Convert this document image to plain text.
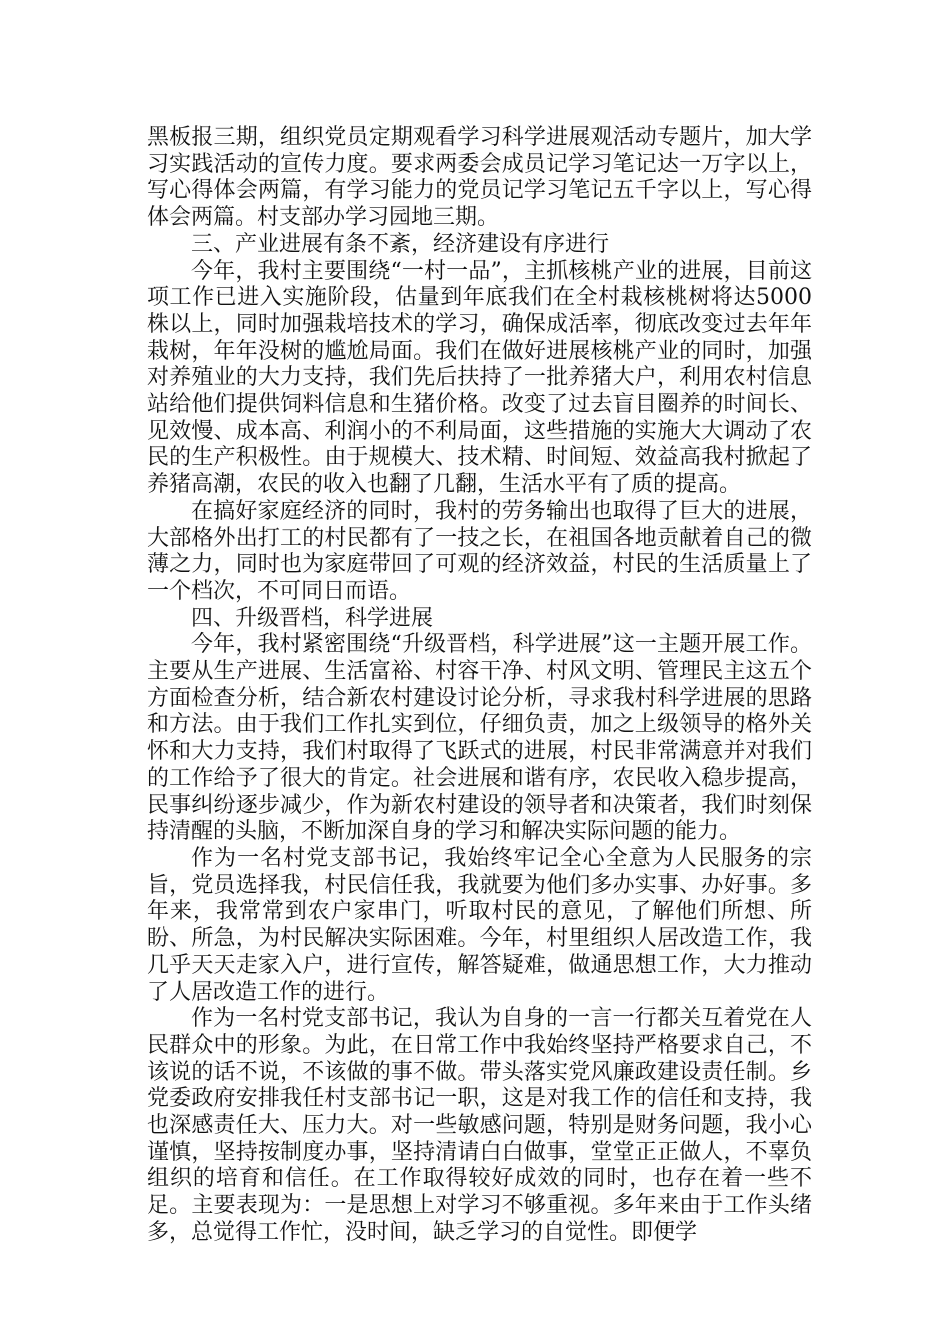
黑板报三期，组织党员定期观看学习科学进展观活动专题片，加大学习实践活动的宣传力度。要求两委会成员记学习笔记达一万字以上，写心得体会两篇，有学习能力的党员记学习笔记五千字以上，写心得体会两篇。村支部办学习园地三期。

三、产业进展有条不紊，经济建设有序进行

今年，我村主要围绕“一村一品”，主抓核桃产业的进展，目前这项工作已进入实施阶段，估量到年底我们在全村栽核桃树将达5000株以上，同时加强栽培技术的学习，确保成活率，彻底改变过去年年栽树，年年没树的尴尬局面。我们在做好进展核桃产业的同时，加强对养殖业的大力支持，我们先后扶持了一批养猪大户，利用农村信息站给他们提供饲料信息和生猪价格。改变了过去盲目圈养的时间长、见效慢、成本高、利润小的不利局面，这些措施的实施大大调动了农民的生产积极性。由于规模大、技术精、时间短、效益高我村掀起了养猪高潮，农民的收入也翻了几翻，生活水平有了质的提高。

在搞好家庭经济的同时，我村的劳务输出也取得了巨大的进展，大部格外出打工的村民都有了一技之长，在祖国各地贡献着自己的微薄之力，同时也为家庭带回了可观的经济效益，村民的生活质量上了一个档次，不可同日而语。

四、升级晋档，科学进展

今年，我村紧密围绕“升级晋档，科学进展”这一主题开展工作。主要从生产进展、生活富裕、村容干净、村风文明、管理民主这五个方面检查分析，结合新农村建设讨论分析，寻求我村科学进展的思路和方法。由于我们工作扎实到位，仔细负责，加之上级领导的格外关怀和大力支持，我们村取得了飞跃式的进展，村民非常满意并对我们的工作给予了很大的肯定。社会进展和谐有序，农民收入稳步提高，民事纠纷逐步减少，作为新农村建设的领导者和决策者，我们时刻保持清醒的头脑，不断加深自身的学习和解决实际问题的能力。

作为一名村党支部书记，我始终牢记全心全意为人民服务的宗旨，党员选择我，村民信任我，我就要为他们多办实事、办好事。多年来，我常常到农户家串门，听取村民的意见，了解他们所想、所盼、所急，为村民解决实际困难。今年，村里组织人居改造工作，我几乎天天走家入户，进行宣传，解答疑难，做通思想工作，大力推动了人居改造工作的进行。

作为一名村党支部书记，我认为自身的一言一行都关互着党在人民群众中的形象。为此，在日常工作中我始终坚持严格要求自己，不该说的话不说，不该做的事不做。带头落实党风廉政建设责任制。乡党委政府安排我任村支部书记一职，这是对我工作的信任和支持，我也深感责任大、压力大。对一些敏感问题，特别是财务问题，我小心谨慎，坚持按制度办事，坚持清请白白做事，堂堂正正做人，不辜负组织的培育和信任。在工作取得较好成效的同时，也存在着一些不足。主要表现为：一是思想上对学习不够重视。多年来由于工作头绪多，总觉得工作忙，没时间，缺乏学习的自觉性。即便学
